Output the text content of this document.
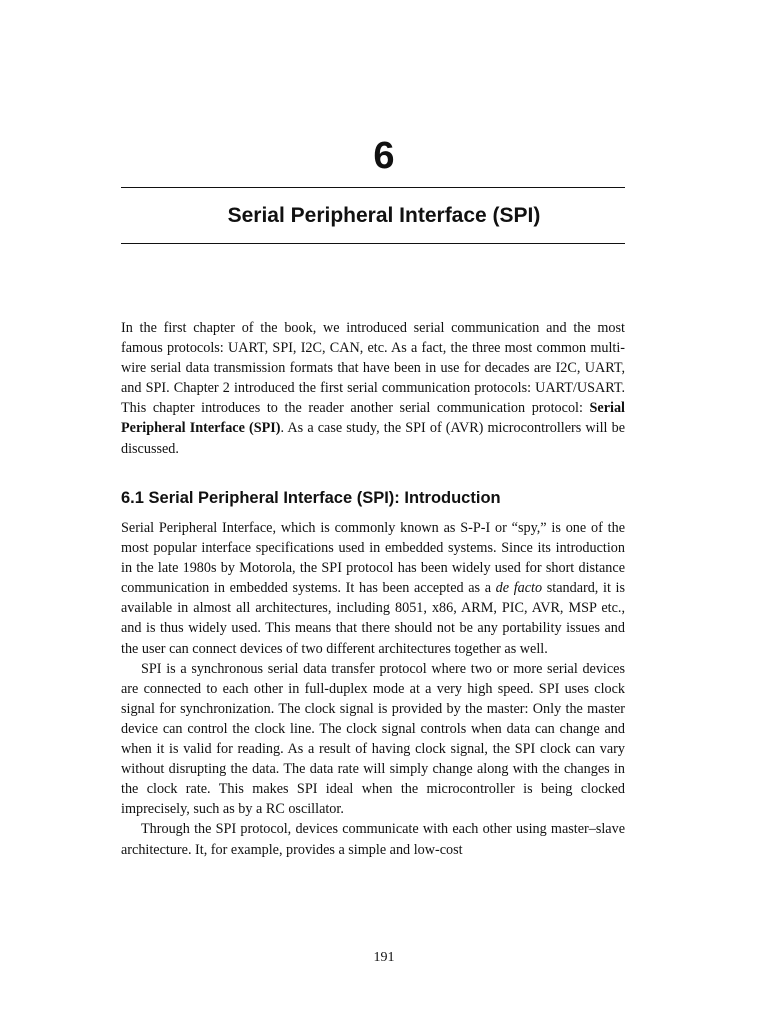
6
Serial Peripheral Interface (SPI)

In the first chapter of the book, we introduced serial communication and the most famous protocols: UART, SPI, I2C, CAN, etc. As a fact, the three most common multi-wire serial data transmission formats that have been in use for decades are I2C, UART, and SPI. Chapter 2 introduced the first serial communication protocols: UART/USART. This chapter introduces to the reader another serial communication protocol: Serial Peripheral Interface (SPI). As a case study, the SPI of (AVR) microcontrollers will be discussed.

6.1 Serial Peripheral Interface (SPI): Introduction

Serial Peripheral Interface, which is commonly known as S-P-I or “spy,” is one of the most popular interface specifications used in embedded systems. Since its introduction in the late 1980s by Motorola, the SPI protocol has been widely used for short distance communication in embedded systems. It has been accepted as a de facto standard, it is available in almost all architectures, including 8051, x86, ARM, PIC, AVR, MSP etc., and is thus widely used. This means that there should not be any portability issues and the user can connect devices of two different architectures together as well.

SPI is a synchronous serial data transfer protocol where two or more serial devices are connected to each other in full-duplex mode at a very high speed. SPI uses clock signal for synchronization. The clock signal is provided by the master: Only the master device can control the clock line. The clock signal controls when data can change and when it is valid for reading. As a result of having clock signal, the SPI clock can vary without disrupting the data. The data rate will simply change along with the changes in the clock rate. This makes SPI ideal when the microcontroller is being clocked imprecisely, such as by a RC oscillator.

Through the SPI protocol, devices communicate with each other using master–slave architecture. It, for example, provides a simple and low-cost

191
